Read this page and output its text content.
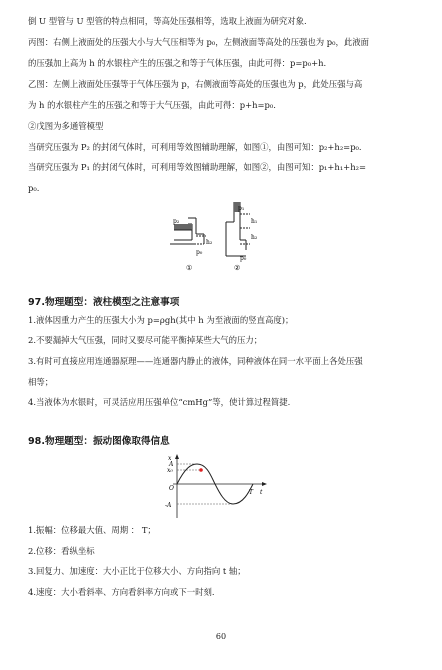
倒 U 型管与 U 型管的特点相同，等高处压强相等，选取上液面为研究对象.
丙图：右侧上液面处的压强大小与大气压相等为 p₀，左侧液面等高处的压强也为 p₀，此液面
的压强加上高为 h 的水银柱产生的压强之和等于气体压强，由此可得：p=p₀+h.
乙图：左侧上液面处压强等于气体压强为 p，右侧液面等高处的压强也为 p，此处压强与高
为 h 的水银柱产生的压强之和等于大气压强，由此可得：p+h=p₀.
②戊图为多通管模型
当研究压强为 P₂ 的封闭气体时，可利用等效图辅助理解，如图①，由图可知：p₂+h₂=p₀.
当研究压强为 P₁ 的封闭气体时，可利用等效图辅助理解，如图②，由图可知：p₁+h₁+h₂=
p₀.
p₂
h₂
p₀
①
p₁
h₁
h₂
p₀
②
97.物理题型：液柱模型之注意事项
1.液体因重力产生的压强大小为 p=ρgh(其中 h 为至液面的竖直高度)；
2.不要漏掉大气压强，同时又要尽可能平衡掉某些大气的压力；
3.有时可直接应用连通器原理——连通器内静止的液体，同种液体在同一水平面上各处压强
相等；
4.当液体为水银时，可灵活应用压强单位“cmHg”等，使计算过程简捷.
98.物理题型：振动图像取得信息
x
A
x₀
O
-A
T t
1.振幅：位移最大值、周期 ： T；
2.位移：看纵坐标
3.回复力、加速度：大小正比于位移大小、方向指向 t 轴；
4.速度：大小看斜率、方向看斜率方向或下一时刻.
60
